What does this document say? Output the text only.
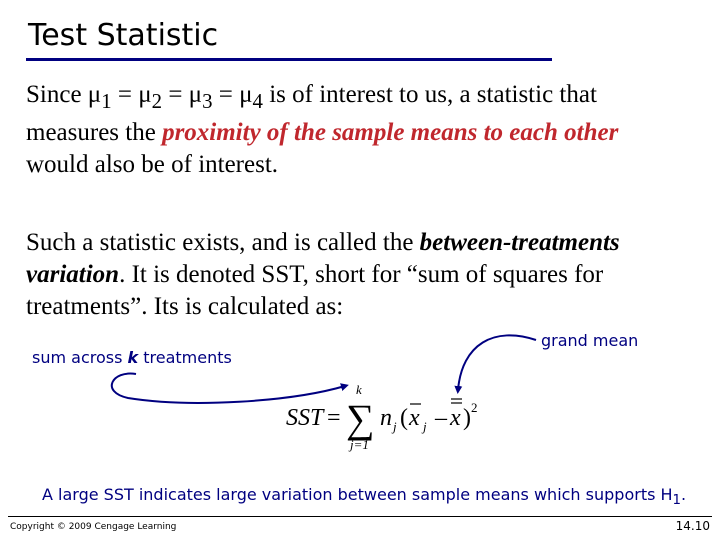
Test Statistic
Since $\mu_1 = \mu_2 = \mu_3 = \mu_4$ is of interest to us, a statistic that
measures the proximity of the sample means to each other
would also be of interest.
Such a statistic exists, and is called the between-treatments
variation. It is denoted SST, short for “sum of squares for
treatments”. Its is calculated as:
sum across k treatments
grand mean
SST = ∑
k
j=1
n j ( x j – x ) 2
A large SST indicates large variation between sample means which supports $H_1$.
Copyright © 2009 Cengage Learning	14.10
